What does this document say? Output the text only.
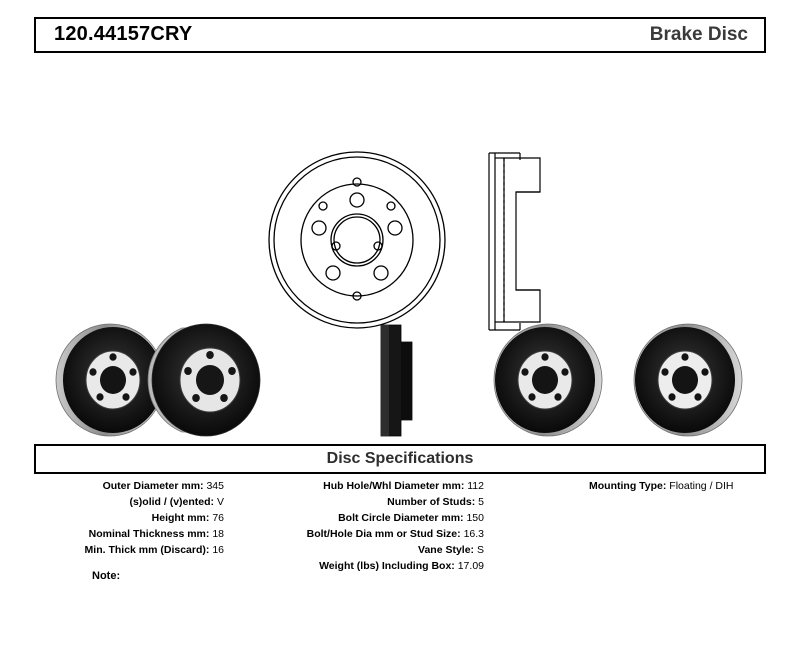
120.44157CRY	Brake Disc
Disc Specifications
Outer Diameter mm: 345
(s)olid / (v)ented: V
Height mm: 76
Nominal Thickness mm: 18
Min. Thick mm (Discard): 16
Hub Hole/Whl Diameter mm: 112
Number of Studs: 5
Bolt Circle Diameter mm: 150
Bolt/Hole Dia mm or Stud Size: 16.3
Vane Style: S
Weight (lbs) Including Box: 17.09
Mounting Type: Floating / DIH
Note:
